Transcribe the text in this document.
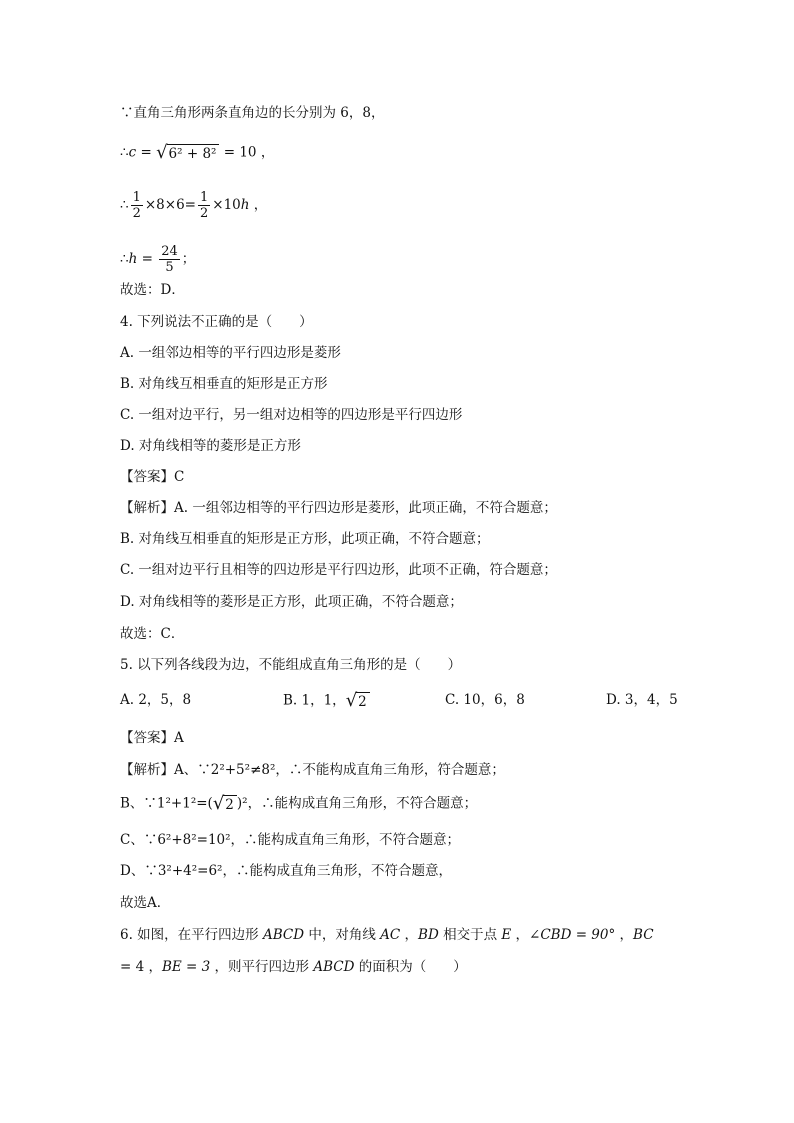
∵直角三角形两条直角边的长分别为 6，8，
∴c = √ 6² + 8² = 10 ，
∴ $\frac{1}{2} \times 8\times 6= \frac{1}{2} \times 10h$ ，
∴h = $\frac{24}{5}$ ；
故选：D．
4. 下列说法不正确的是（　　）
A. 一组邻边相等的平行四边形是菱形
B. 对角线互相垂直的矩形是正方形
C. 一组对边平行，另一组对边相等的四边形是平行四边形
D. 对角线相等的菱形是正方形
【答案】C
【解析】A. 一组邻边相等的平行四边形是菱形，此项正确，不符合题意；
B. 对角线互相垂直的矩形是正方形，此项正确，不符合题意；
C. 一组对边平行且相等的四边形是平行四边形，此项不正确，符合题意；
D. 对角线相等的菱形是正方形，此项正确，不符合题意；
故选：C．
5. 以下列各线段为边，不能组成直角三角形的是（　　）
A. 2，5，8	B. 1，1， √ 2	C. 10，6，8	D. 3，4，5
【答案】A
【解析】A、∵2²+5²≠8²，∴不能构成直角三角形，符合题意；
B、∵1²+1²=( √ 2 )²，∴能构成直角三角形，不符合题意；
C、∵6²+8²=10²，∴能构成直角三角形，不符合题意；
D、∵3²+4²=6²，∴能构成直角三角形，不符合题意，
故选A．
6. 如图，在平行四边形 ABCD 中，对角线 AC ，BD 相交于点 E ，∠CBD = 90° ，BC
= 4 ，BE = 3 ，则平行四边形 ABCD 的面积为（　　）
